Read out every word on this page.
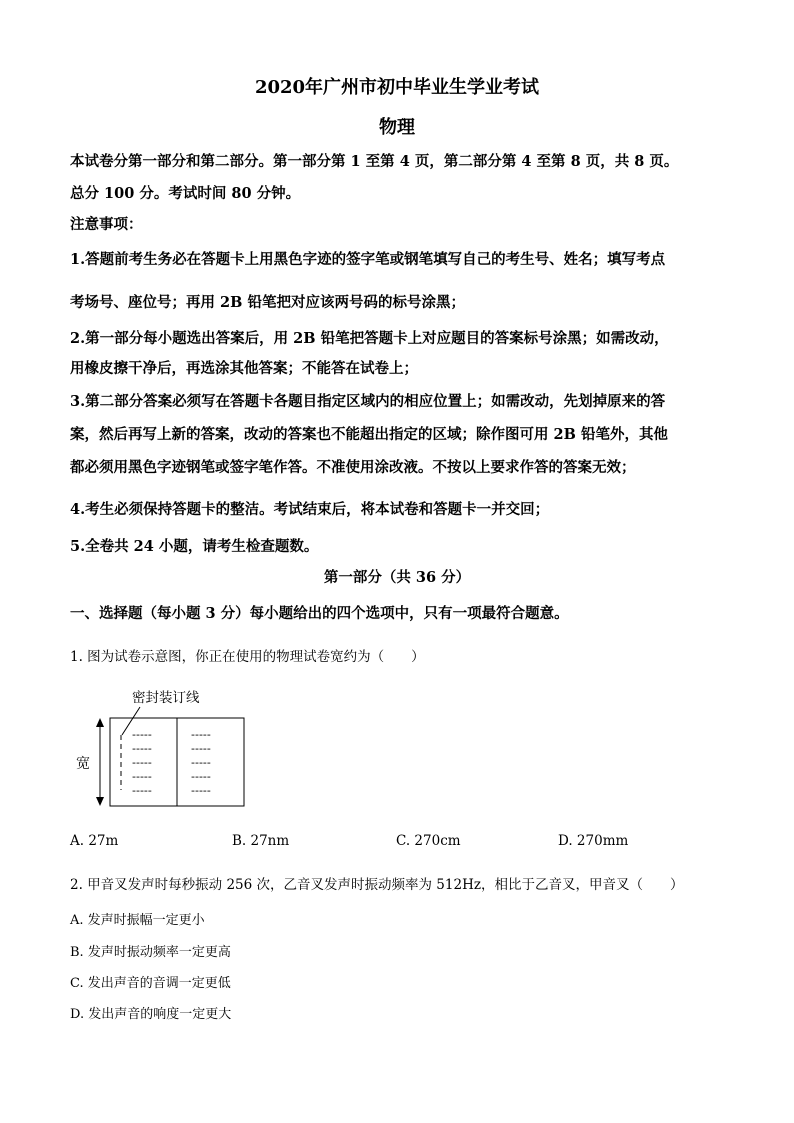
2020年广州市初中毕业生学业考试
物理
本试卷分第一部分和第二部分。第一部分第 1 至第 4 页，第二部分第 4 至第 8 页，共 8 页。
总分 100 分。考试时间 80 分钟。
注意事项：
1.答题前考生务必在答题卡上用黑色字迹的签字笔或钢笔填写自己的考生号、姓名；填写考点
考场号、座位号；再用 2B 铅笔把对应该两号码的标号涂黑；
2.第一部分每小题选出答案后，用 2B 铅笔把答题卡上对应题目的答案标号涂黑；如需改动，
用橡皮擦干净后，再选涂其他答案；不能答在试卷上；
3.第二部分答案必须写在答题卡各题目指定区域内的相应位置上；如需改动，先划掉原来的答
案，然后再写上新的答案，改动的答案也不能超出指定的区域；除作图可用 2B 铅笔外，其他
都必须用黑色字迹钢笔或签字笔作答。不准使用涂改液。不按以上要求作答的答案无效；
4.考生必须保持答题卡的整洁。考试结束后，将本试卷和答题卡一并交回；
5.全卷共 24 小题，请考生检查题数。
第一部分（共 36 分）
一、选择题（每小题 3 分）每小题给出的四个选项中，只有一项最符合题意。
1. 图为试卷示意图，你正在使用的物理试卷宽约为（　　）
密封装订线
宽
-----
-----
-----
-----
-----
-----
-----
-----
-----
-----
A. 27m	B. 27nm	C. 270cm	D. 270mm
2. 甲音叉发声时每秒振动 256 次，乙音叉发声时振动频率为 512Hz，相比于乙音叉，甲音叉（　　）
A. 发声时振幅一定更小
B. 发声时振动频率一定更高
C. 发出声音的音调一定更低
D. 发出声音的响度一定更大
